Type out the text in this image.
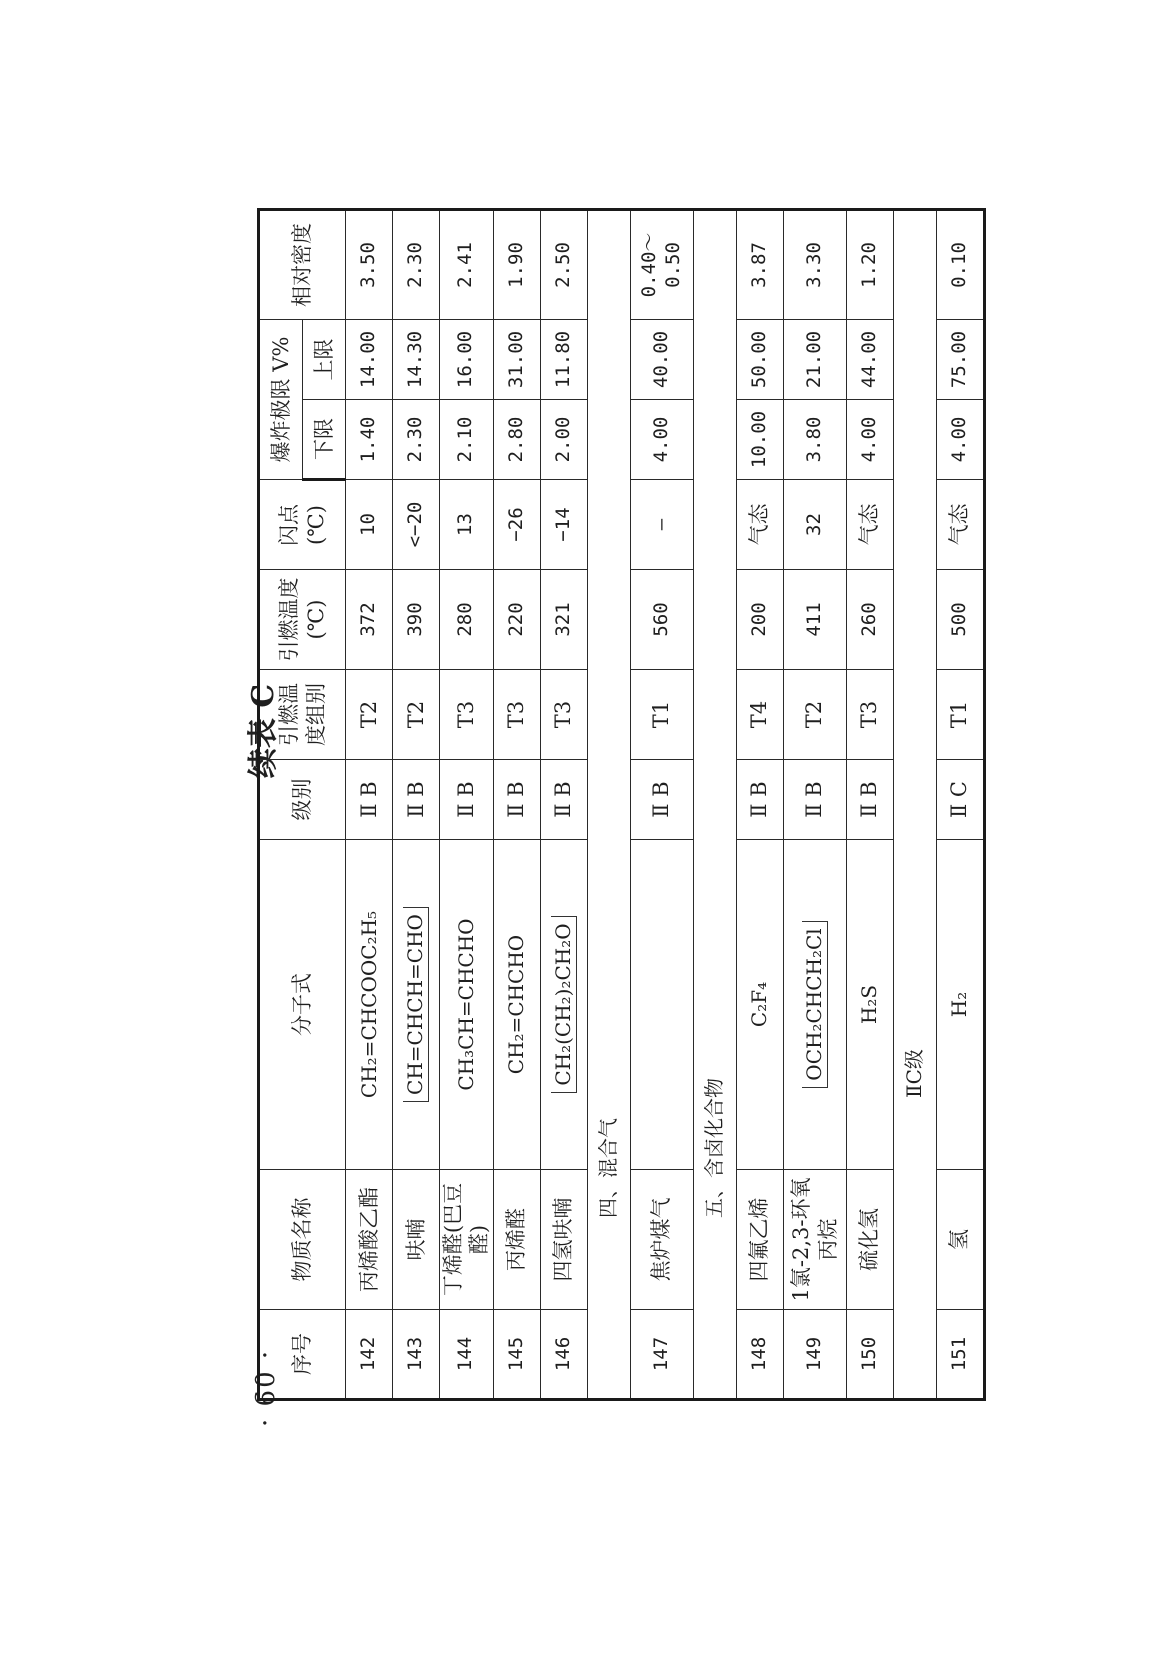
续表 C
· 60 · 序号	物质名称	分子式	级别	引燃温度组别	引燃温度(℃)	闪点(℃)	爆炸极限 V%		相对密度
							下限	上限	
142	丙烯酸乙酯	CH₂=CHCOOC₂H₅	Ⅱ B	T2	372	10	1.40	14.00	3.50
143	呋喃	CH=CHCH=CHO	Ⅱ B	T2	390	<−20	2.30	14.30	2.30
144	丁烯醛(巴豆醛)	CH₃CH=CHCHO	Ⅱ B	T3	280	13	2.10	16.00	2.41
145	丙烯醛	CH₂=CHCHO	Ⅱ B	T3	220	−26	2.80	31.00	1.90
146	四氢呋喃	CH₂(CH₂)₂CH₂O	Ⅱ B	T3	321	−14	2.00	11.80	2.50
四、混合气									
147	焦炉煤气		Ⅱ B	T1	560	—	4.00	40.00	0.40～0.50
五、含卤化合物									
148	四氟乙烯	C₂F₄	Ⅱ B	T4	200	气态	10.00	50.00	3.87
149	1氯-2,3-环氧丙烷	OCH₂CHCH₂Cl	Ⅱ B	T2	411	32	3.80	21.00	3.30
150	硫化氢	H₂S	Ⅱ B	T3	260	气态	4.00	44.00	1.20
ⅡC级									
151	氢	H₂	Ⅱ C	T1	500	气态	4.00	75.00	0.10
